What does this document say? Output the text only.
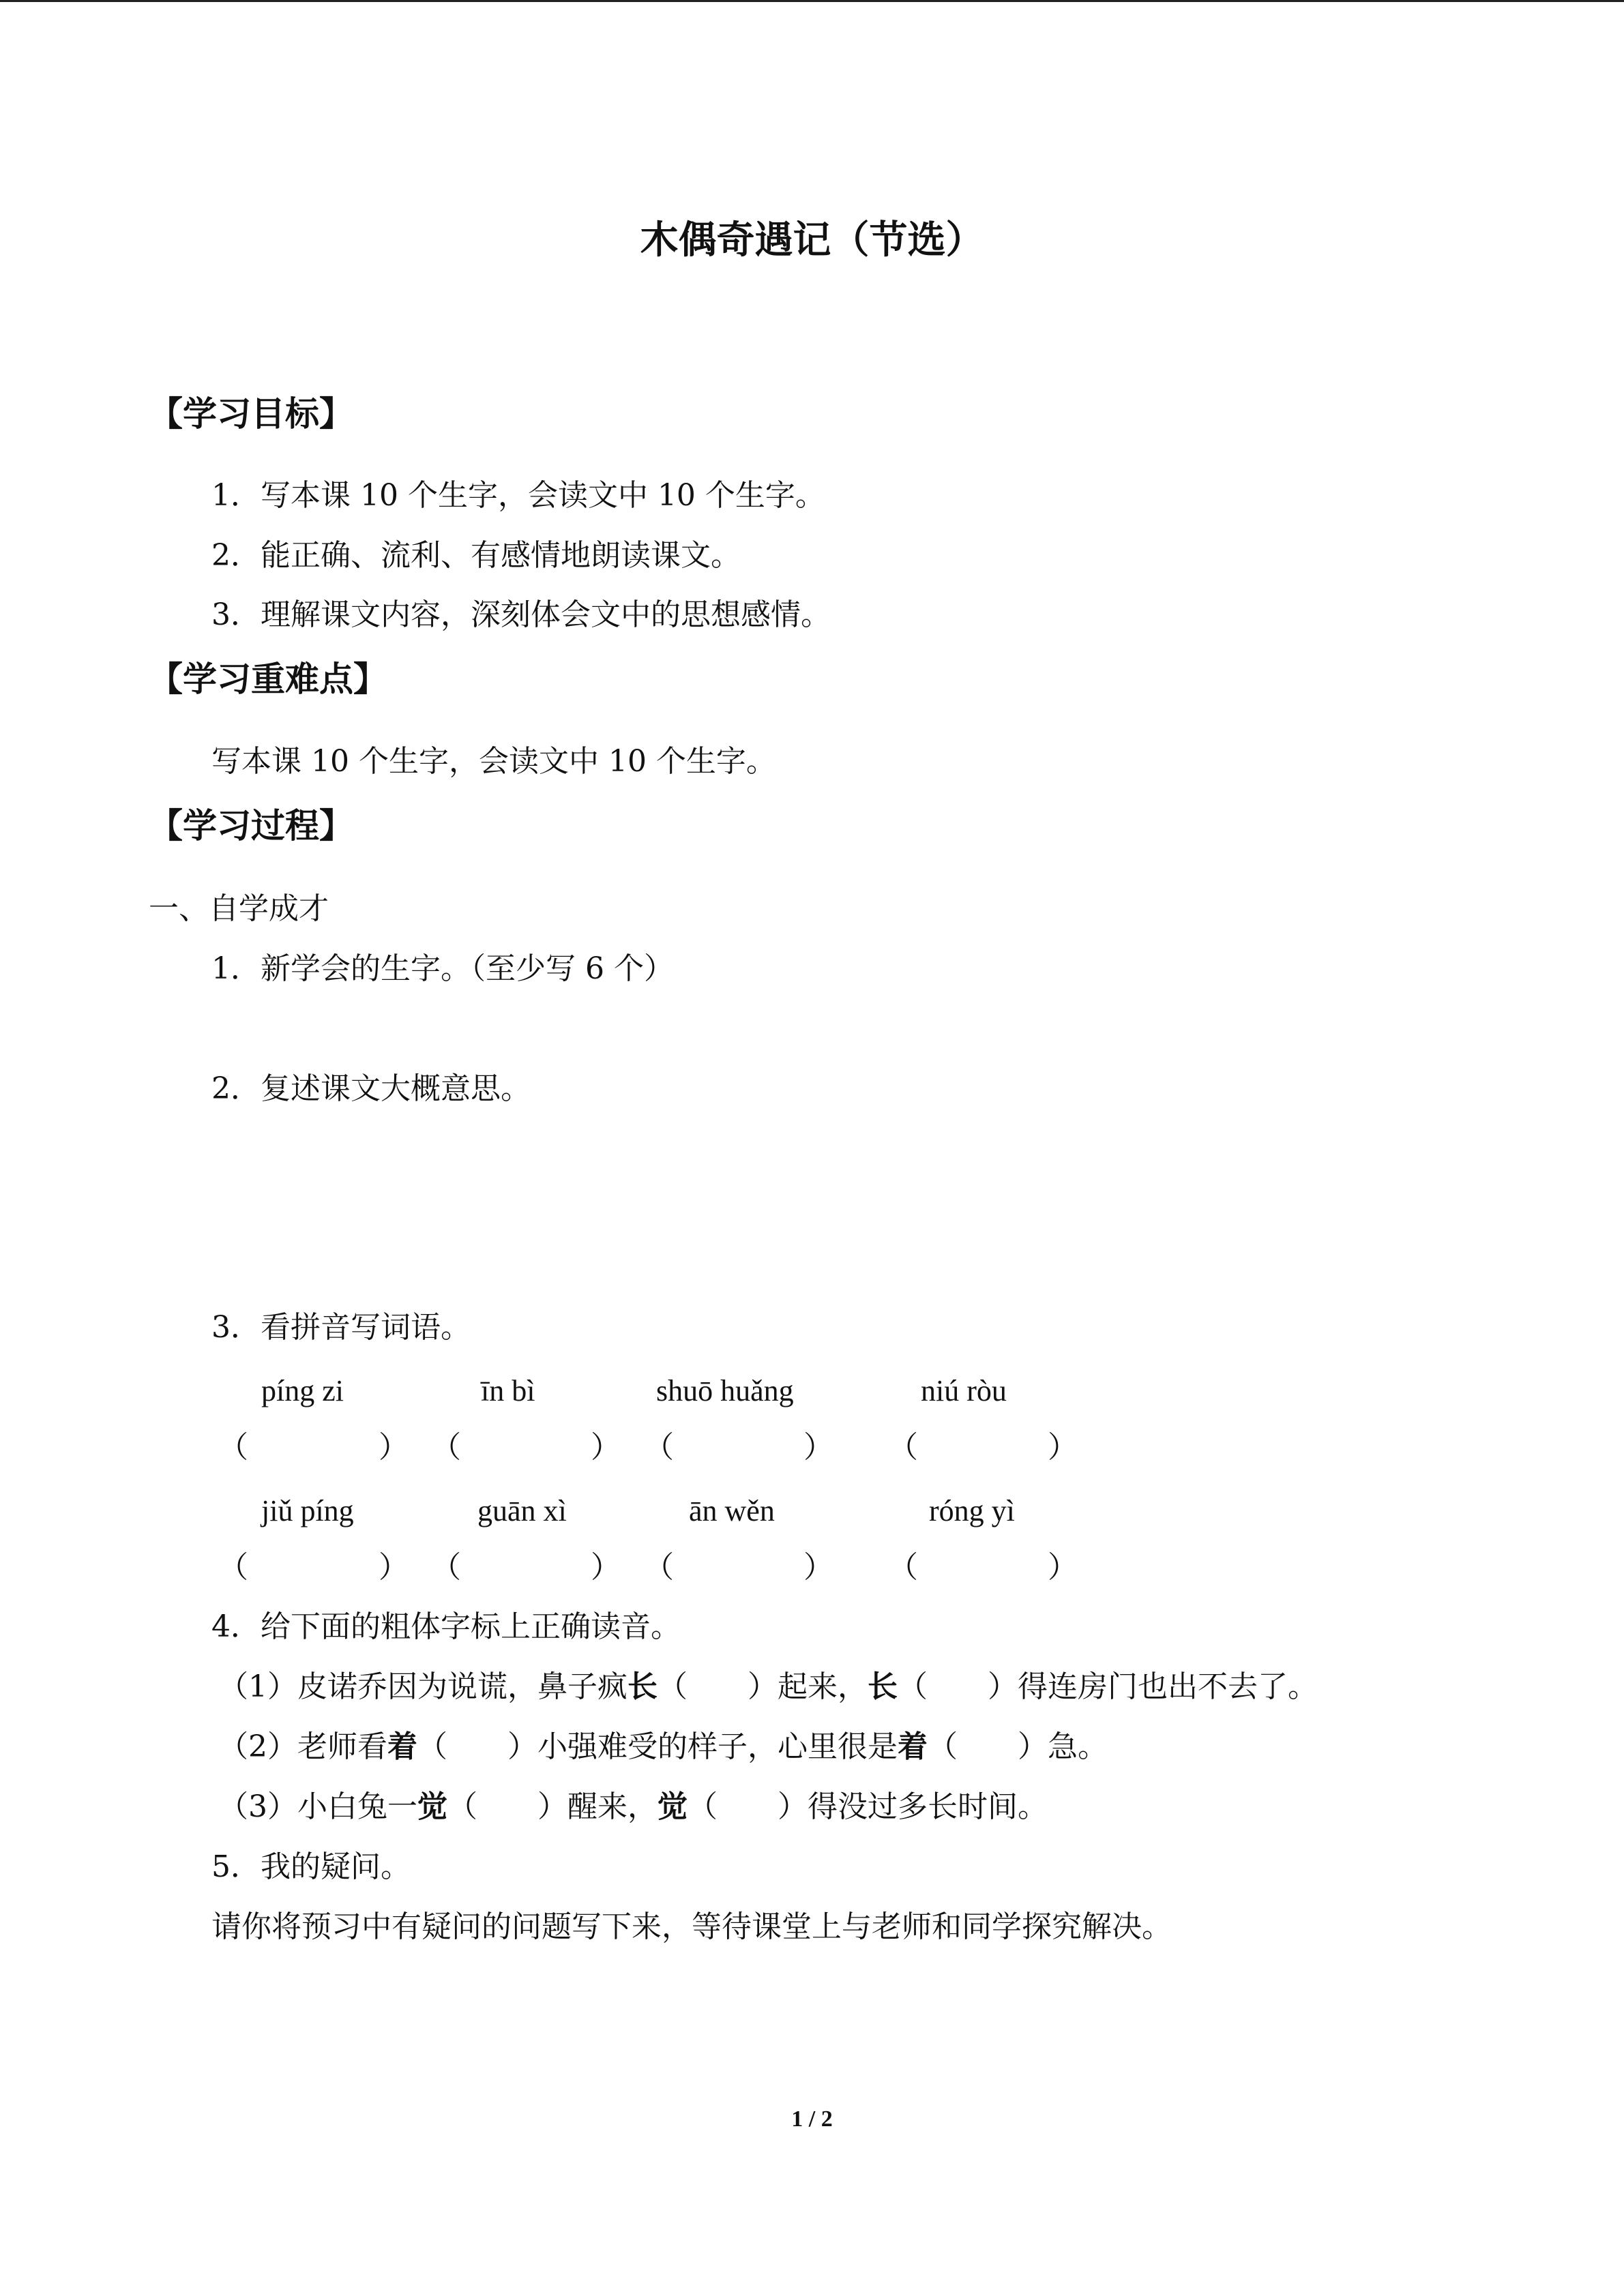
木偶奇遇记（节选）
【学习目标】
1．写本课 10 个生字，会读文中 10 个生字。
2．能正确、流利、有感情地朗读课文。
3．理解课文内容，深刻体会文中的思想感情。
【学习重难点】
写本课 10 个生字，会读文中 10 个生字。
【学习过程】
一、自学成才
1．新学会的生字。（至少写 6 个）
2．复述课文大概意思。
3．看拼音写词语。
píng zi	īn bì	shuō huǎng	niú ròu
（	） （	） （	） （	）
jiǔ píng	guān xì	ān wěn	róng yì
（	） （	） （	） （	）
4．给下面的粗体字标上正确读音。
（1）皮诺乔因为说谎，鼻子疯长（　　）起来，长（　　）得连房门也出不去了。
（2）老师看着（　　）小强难受的样子，心里很是着（　　）急。
（3）小白兔一觉（　　）醒来，觉（　　）得没过多长时间。
5．我的疑问。
请你将预习中有疑问的问题写下来，等待课堂上与老师和同学探究解决。
1 / 2
